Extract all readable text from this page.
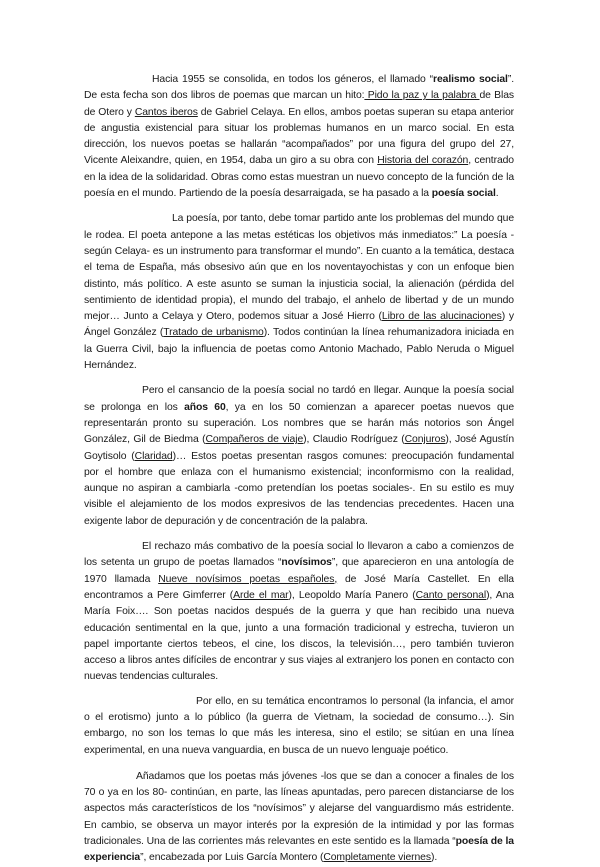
Hacia 1955 se consolida, en todos los géneros, el llamado “realismo social”. De esta fecha son dos libros de poemas que marcan un hito: Pido la paz y la palabra de Blas de Otero y Cantos iberos de Gabriel Celaya. En ellos, ambos poetas superan su etapa anterior de angustia existencial para situar los problemas humanos en un marco social. En esta dirección, los nuevos poetas se hallarán “acompañados” por una figura del grupo del 27, Vicente Aleixandre, quien, en 1954, daba un giro a su obra con Historia del corazón, centrado en la idea de la solidaridad. Obras como estas muestran un nuevo concepto de la función de la poesía en el mundo. Partiendo de la poesía desarraigada, se ha pasado a la poesía social.

La poesía, por tanto, debe tomar partido ante los problemas del mundo que le rodea. El poeta antepone a las metas estéticas los objetivos más inmediatos:” La poesía -según Celaya- es un instrumento para transformar el mundo”. En cuanto a la temática, destaca el tema de España, más obsesivo aún que en los noventayochistas y con un enfoque bien distinto, más político. A este asunto se suman la injusticia social, la alienación (pérdida del sentimiento de identidad propia), el mundo del trabajo, el anhelo de libertad y de un mundo mejor… Junto a Celaya y Otero, podemos situar a José Hierro (Libro de las alucinaciones) y Ángel González (Tratado de urbanismo). Todos continúan la línea rehumanizadora iniciada en la Guerra Civil, bajo la influencia de poetas como Antonio Machado, Pablo Neruda o Miguel Hernández.

Pero el cansancio de la poesía social no tardó en llegar. Aunque la poesía social se prolonga en los años 60, ya en los 50 comienzan a aparecer poetas nuevos que representarán pronto su superación. Los nombres que se harán más notorios son Ángel González, Gil de Biedma (Compañeros de viaje), Claudio Rodríguez (Conjuros), José Agustín Goytisolo (Claridad)… Estos poetas presentan rasgos comunes: preocupación fundamental por el hombre que enlaza con el humanismo existencial; inconformismo con la realidad, aunque no aspiran a cambiarla -como pretendían los poetas sociales-. En su estilo es muy visible el alejamiento de los modos expresivos de las tendencias precedentes. Hacen una exigente labor de depuración y de concentración de la palabra.

El rechazo más combativo de la poesía social lo llevaron a cabo a comienzos de los setenta un grupo de poetas llamados “novísimos”, que aparecieron en una antología de 1970 llamada Nueve novísimos poetas españoles, de José María Castellet. En ella encontramos a Pere Gimferrer (Arde el mar), Leopoldo María Panero (Canto personal), Ana María Foix…. Son poetas nacidos después de la guerra y que han recibido una nueva educación sentimental en la que, junto a una formación tradicional y estrecha, tuvieron un papel importante ciertos tebeos, el cine, los discos, la televisión…, pero también tuvieron acceso a libros antes difíciles de encontrar y sus viajes al extranjero los ponen en contacto con nuevas tendencias culturales.

Por ello, en su temática encontramos lo personal (la infancia, el amor o el erotismo) junto a lo público (la guerra de Vietnam, la sociedad de consumo…). Sin embargo, no son los temas lo que más les interesa, sino el estilo; se sitúan en una línea experimental, en una nueva vanguardia, en busca de un nuevo lenguaje poético.

Añadamos que los poetas más jóvenes -los que se dan a conocer a finales de los 70 o ya en los 80- continúan, en parte, las líneas apuntadas, pero parecen distanciarse de los aspectos más característicos de los “novísimos” y alejarse del vanguardismo más estridente. En cambio, se observa un mayor interés por la expresión de la intimidad y por las formas tradicionales. Una de las corrientes más relevantes en este sentido es la llamada “poesía de la experiencia”, encabezada por Luis García Montero (Completamente viernes).
